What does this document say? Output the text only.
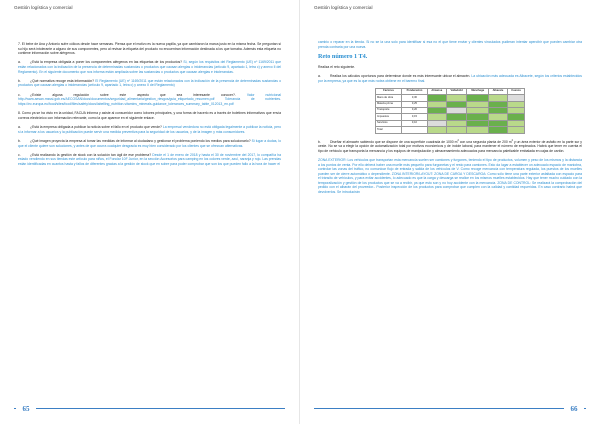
Gestión logística y comercial

7. El bebe de Ana y Antonio sufre cólicos desde hace semanas. Piensa que el motivo es la nueva papilla, ya que cambiaron la marca justo en la misma fecha. Se preguntan si su hijo será intolerante a alguno de sus componentes, pero al revisar la etiqueta del producto no encuentran información destinada a los que tomaba. Además esta etiqueta no contiene información sobre alérgenos.

a.	¿Está la empresa obligada a poner los componentes alérgenos en las etiquetas de los productos? Sí, según los requisitos del Reglamento (UE) nº 1169/2011 que están relacionados con la indicación de la presencia de determinadas sustancias o productos que causan alergias o intolerancias (artículo 9, apartado 1, letra c) y anexo II del Reglamento). En el siguiente documento que nos informa están ampliada sobre las sustancias o productos que causan alergias e intolerancias.

b.	¿Qué normativa recoge esta información? El Reglamento (UE) nº 1169/2011 que están relacionados con la indicación de la presencia de determinadas sustancias o productos que causan alergias o intolerancias (artículo 9, apartado 1, letra c) y anexo II del Reglamento)

c.	¿Existe alguna regulación sobre este aspecto que sea interesante conocer?. Valor nutricional http://www.aesan.msssi.gob.es/AECOSAN/docs/documentos/seguridad_alimentaria/gestion_riesgos/guia_etiquetado_resumen.pdf Tolerancia de nutrientes. https://ec.europa.eu/food/sites/food/files/safety/docs/labelling_nutrition-vitamins_minerals-guidance_tolerances_summary_table_012013_en.pdf

8. Como ya se ha visto en la unidad, FACUA informa y asiste al consumidor como lobores principales, y una forma de hacerlo es a través de boletines informativos que envía correos electrónico con información relevante, como la que aparece en el siguiente enlace.

a.	¿Está la empresa obligada a publicar la noticia sobre el fallo en el producto que vende? La empresa/ vendedora no está obligada legalmente a publicar la noticia, pero si a informar a los usuarios y la publicación puede servir una medida preventiva para la seguridad de los usuarios, y de la imagen y más consumidores.

b.	¿Qué imagen proyecta la empresa al tomar las medidas de informar al ciudadano y gestionar el problema poniendo los medios para solucionarlo? Sí lugar a dudas, lo que el cliente quiere son soluciones, y antes de que ocurra cualquier desgracia es muy bien considerado por los clientes que se ofrezcan alternativas.

c.	¿Está realizando la gestión de stock con la solución tan ágil de ese problema? Desde el 1 de enero de 2018 y hasta el 30 de noviembre del 2017, lo compañía ha estado vendiendo en sus tiendas este artículo para niños, el Fonclar 10F Junior, en la sección Accesorios para camping en los colores verde, azul, naranja y rojo. Las prendas están identificadas en cuantos hasta y fallos de diferentes gracias a la gestión de stock que en sobre para poder comprobar que son los que pueden fallo a la hora de hacer el

65
Gestión logística y comercial

cambio o reparar en la tienda. Si no se la una solo para identificar si esa no el que tiene enviar y clientes vinculados pudieran intentar apercibir que pueden cambiar otra prenda contraria por una nueva.

Reto número 1 T4.

Realiza el reto siguiente.

a.	Realiza los cálculos oportunos para determinar donde es más interesante ubicar el almacén. La ubicación más adecuada es Albacete, según los criterios establecidos por la empresa, ya que es la que más rodea obtiene en el baremo final.

Factores	Ponderación	Almansa	Valladolid	Manchega	Albacete	Cuenca
Mano de obra	0,30					
Materia prima	0,25					
Transporte	0,20					
Impuestos	0,15					
Servicios	0,10					
Total						

b.	Diseñar el almacén sabiendo que se dispone de una superficie cuadrada de 1000 $m^2$ con una segunda planta de 200 $m^2$ y un área exterior de asfalto en la parte sur y oeste. No se va a elegir la opción de automatización total por motivos económicos y de índole laboral, para mantener el número de empleados. Habrá que tener en cuenta el tipo de vehículo que transporta la mercancía y los equipos de manipulación y almacenamiento adecuados para mercancía paletizable embalada en cajas de cartón.

ZONA EXTERIOR: Los vehículos que transportan esta mercancía suelen ser camiones y furgones, teniendo el tipo de productos, volumen y peso de los mismos y la distancia a los puntos de venta. Por ello deberá haber una muelle más pequeño para furgonetas y el resto para camiones. Esto da lugar a establecer un adecuado espacio de maniobra, controlar las zonas del tráfico, no comunicar flujo de entrada y salida de los vehículos de V. Como recoge mercancía con temperatura regulada, los puestos de los muelles pueden ser de cierre automático o dependiente. ZONA INTERIOR/LAYOUT: ZONA DE CARGA Y DESCARGA: Como sólo tiene una parte exterior asfaltada con espacio para el tránsito de vehículos, y para evitar accidentes, lo adecuado es que la carga y descarga se realice en los mismos muelles establecidos. Hay que tener mucho cuidado con la temporalización y gestión de los productos que se va a recibir, ya que esto son y no hoy accidente con la mercancía. ZONA DE CONTROL: Se realizará la comprobación del pedido con el albarán del proveedor.- Posterior inspección de los productos para comprobar que cumplen con la calidad y cantidad requeridas. En caso contrario habrá que devolverlos. Se introducirán

66
